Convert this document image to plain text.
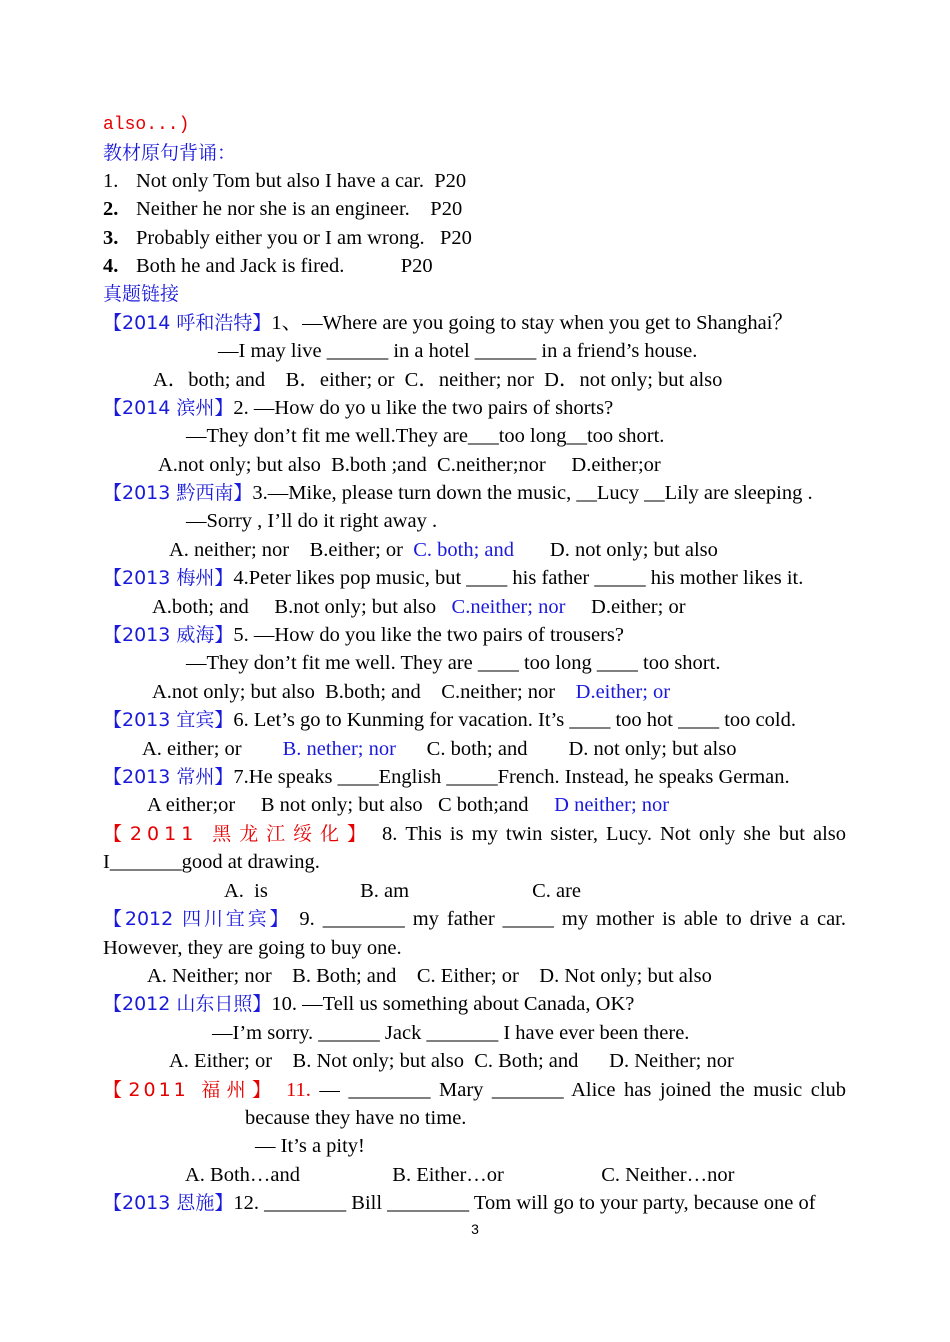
also...)
教材原句背诵：
1. Not only Tom but also I have a car.  P20
2. Neither he nor she is an engineer.    P20
3. Probably either you or I am wrong.   P20
4. Both he and Jack is fired.           P20
真题链接
【2014 呼和浩特】1、—Where are you going to stay when you get to Shanghai？
—I may live ______ in a hotel ______ in a friend’s house.
A．both; and    B．either; or  C．neither; nor  D．not only; but also
【2014 滨州】2. —How do yo u like the two pairs of shorts?
—They don’t fit me well.They are___too long__too short.
A.not only; but also  B.both ;and  C.neither;nor     D.either;or
【2013 黔西南】3.—Mike, please turn down the music, __Lucy __Lily are sleeping .
—Sorry , I’ll do it right away .
A. neither; nor    B.either; or  C. both; and       D. not only; but also
【2013 梅州】4.Peter likes pop music, but ____ his father _____ his mother likes it.
A.both; and     B.not only; but also   C.neither; nor     D.either; or
【2013 威海】5. —How do you like the two pairs of trousers?
—They don’t fit me well. They are ____ too long ____ too short.
A.not only; but also  B.both; and    C.neither; nor    D.either; or
【2013 宜宾】6. Let’s go to Kunming for vacation. It’s ____ too hot ____ too cold.
A. either; or        B. nether; nor      C. both; and        D. not only; but also
【2013 常州】7.He speaks ____English _____French. Instead, he speaks German.
A either;or     B not only; but also   C both;and     D neither; nor
【2011 黑龙江绥化】 8. This is my twin sister, Lucy. Not only she but also
I_______good at drawing.
A.  is                  B. am                        C. are
【2012 四川宜宾】 9. ________ my father _____ my mother is able to drive a car.
However, they are going to buy one.
A. Neither; nor    B. Both; and    C. Either; or    D. Not only; but also
【2012 山东日照】10. —Tell us something about Canada, OK?
—I’m sorry. ______ Jack _______ I have ever been there.
A. Either; or    B. Not only; but also  C. Both; and      D. Neither; nor
【2011 福州】 11. — ________ Mary _______ Alice has joined the music club
because they have no time.
— It’s a pity!
A. Both…and                  B. Either…or                   C. Neither…nor
【2013 恩施】12. ________ Bill ________ Tom will go to your party, because one of
3
